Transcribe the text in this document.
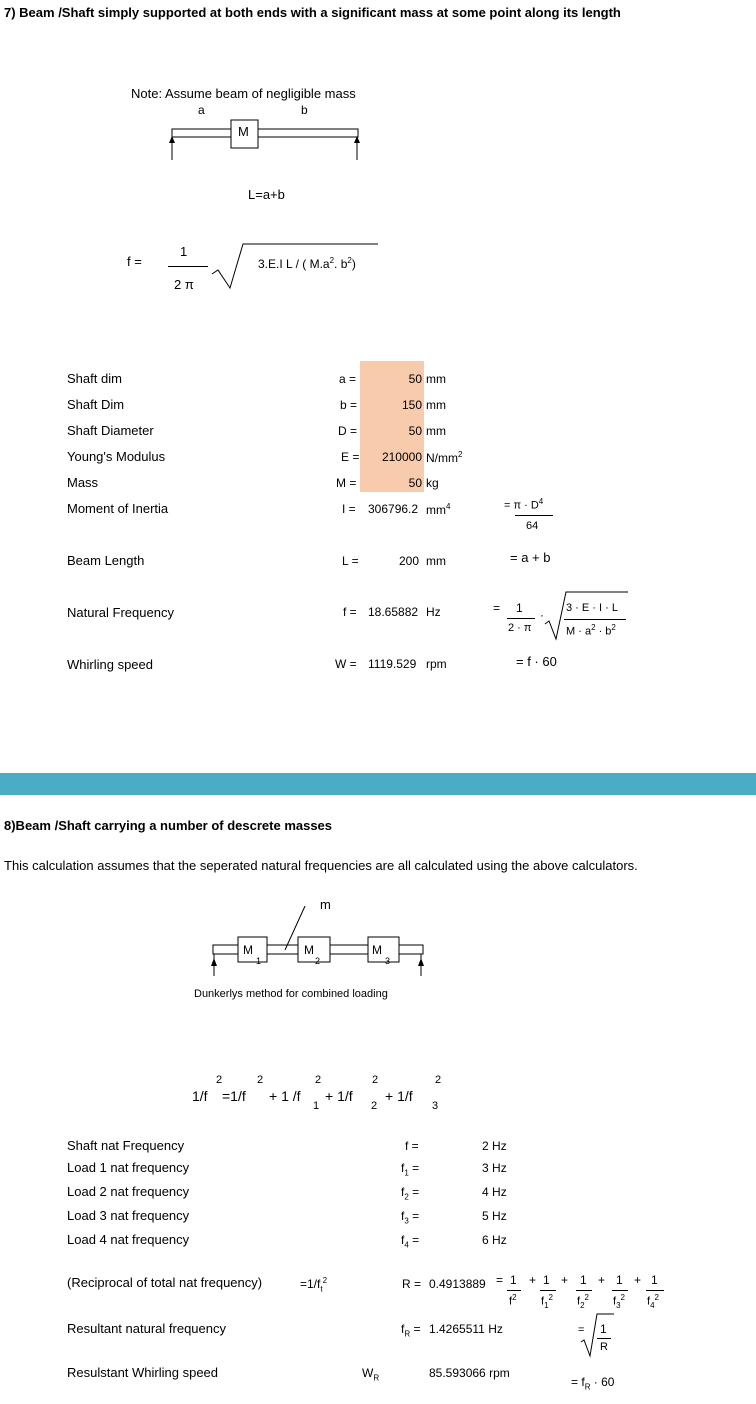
7) Beam /Shaft simply supported at both ends with a significant mass at some point along its length
Note: Assume beam of negligible mass
a	b
M
L=a+b
f =
1
2 π
3.E.I L / ( $M.a^2$. $b^2$)
Shaft dim	a =	50 mm
Shaft Dim	b =	150 mm
Shaft Diameter	D =	50 mm
Young's Modulus	E =	210000 $N/mm^2$
Mass	M =	50 kg
Moment of Inertia	I = 306796.2 $mm^4$
Beam Length	L =	200 mm
Natural Frequency	f = 18.65882 Hz
Whirling speed	W = 1119.529 rpm
= $\pi \cdot D^4$
64
= a + b
= 1
2 · π
· 3 · E · I · L
$M \cdot a^2 \cdot b^2$
= f · 60
8)Beam /Shaft carrying a number of descrete masses
This calculation assumes that the seperated natural frequencies are all calculated using the above calculators.
m
M
1
M
2
M
3
Dunkerlys method for combined loading
1/f
2
=1/f
2
+ 1 /f
2
1
+ 1/f
2
2
+ 1/f
2
3
Shaft nat Frequency	f =	2 Hz
Load 1 nat frequency	$f_1$ =	3 Hz
Load 2 nat frequency	$f_2$ =	4 Hz
Load 3 nat frequency	$f_3$ =	5 Hz
Load 4 nat frequency	$f_4$ =	6 Hz
(Reciprocal of total nat frequency)	$=1/f_t^2$	R = 0.4913889 = 1
$f^2$
+ 1
$f_1^2$
+ 1
$f_2^2$
+ 1
$f_3^2$
+ 1
$f_4^2$
Resultant natural frequency	$f_R = 1.4265511$ Hz	= 1
R
Resulstant Whirling speed	$W_R$	85.593066 rpm
= $f_R \cdot 60$
